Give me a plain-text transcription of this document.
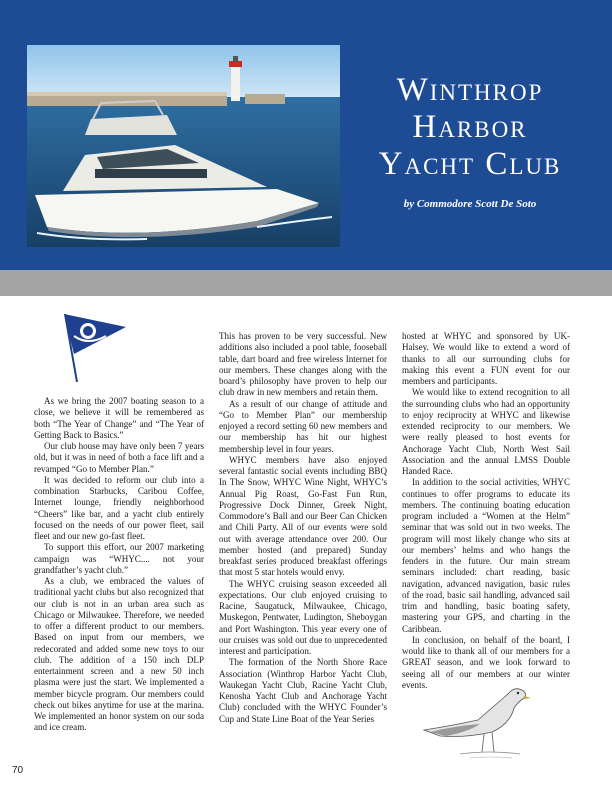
Winthrop
Harbor
Yacht Club
by Commodore Scott De Soto

As we bring the 2007 boating season to a close, we believe it will be remembered as both “The Year of Change” and “The Year of Getting Back to Basics.”

Our club house may have only been 7 years old, but it was in need of both a face lift and a revamped “Go to Member Plan.”

It was decided to reform our club into a combination Starbucks, Caribou Coffee, Internet lounge, friendly neighborhood “Cheers” like bar, and a yacht club entirely focused on the needs of our power fleet, sail fleet and our new go-fast fleet.

To support this effort, our 2007 marketing campaign was “WHYC.... not your grandfather’s yacht club.”

As a club, we embraced the values of traditional yacht clubs but also recognized that our club is not in an urban area such as Chicago or Milwaukee. Therefore, we needed to offer a different product to our members. Based on input from our members, we redecorated and added some new toys to our club. The addition of a 150 inch DLP entertainment screen and a new 50 inch plasma were just the start. We implemented a member bicycle program. Our members could check out bikes anytime for use at the marina. We implemented an honor system on our soda and ice cream.

This has proven to be very successful. New additions also included a pool table, fooseball table, dart board and free wireless Internet for our members. These changes along with the board’s philosophy have proven to help our club draw in new members and retain them.

As a result of our change of attitude and “Go to Member Plan” our membership enjoyed a record setting 60 new members and our membership has hit our highest membership level in four years.

WHYC members have also enjoyed several fantastic social events including BBQ In The Snow, WHYC Wine Night, WHYC’s Annual Pig Roast, Go-Fast Fun Run, Progressive Dock Dinner, Greek Night, Commodore’s Ball and our Beer Can Chicken and Chili Party. All of our events were sold out with average attendance over 200. Our member hosted (and prepared) Sunday breakfast series produced breakfast offerings that most 5 star hotels would envy.

The WHYC cruising season exceeded all expectations. Our club enjoyed cruising to Racine, Saugatuck, Milwaukee, Chicago, Muskegon, Pentwater, Ludington, Sheboygan and Port Washington. This year every one of our cruises was sold out due to unprecedented interest and participation.

The formation of the North Shore Race Association (Winthrop Harbor Yacht Club, Waukegan Yacht Club, Racine Yacht Club, Kenosha Yacht Club and Anchorage Yacht Club) concluded with the WHYC Founder’s Cup and State Line Boat of the Year Series

hosted at WHYC and sponsored by UK-Halsey. We would like to extend a word of thanks to all our surrounding clubs for making this event a FUN event for our members and participants.

We would like to extend recognition to all the surrounding clubs who had an opportunity to enjoy reciprocity at WHYC and likewise extended reciprocity to our members. We were really pleased to host events for Anchorage Yacht Club, North West Sail Association and the annual LMSS Double Handed Race.

In addition to the social activities, WHYC continues to offer programs to educate its members. The continuing boating education program included a “Women at the Helm” seminar that was sold out in two weeks. The program will most likely change who sits at our members’ helms and who hangs the fenders in the future. Our main stream seminars included: chart reading, basic navigation, advanced navigation, basic rules of the road, basic sail handling, advanced sail trim and handling, basic boating safety, mastering your GPS, and charting in the Caribbean.

In conclusion, on behalf of the board, I would like to thank all of our members for a GREAT season, and we look forward to seeing all of our members at our winter events.

70
